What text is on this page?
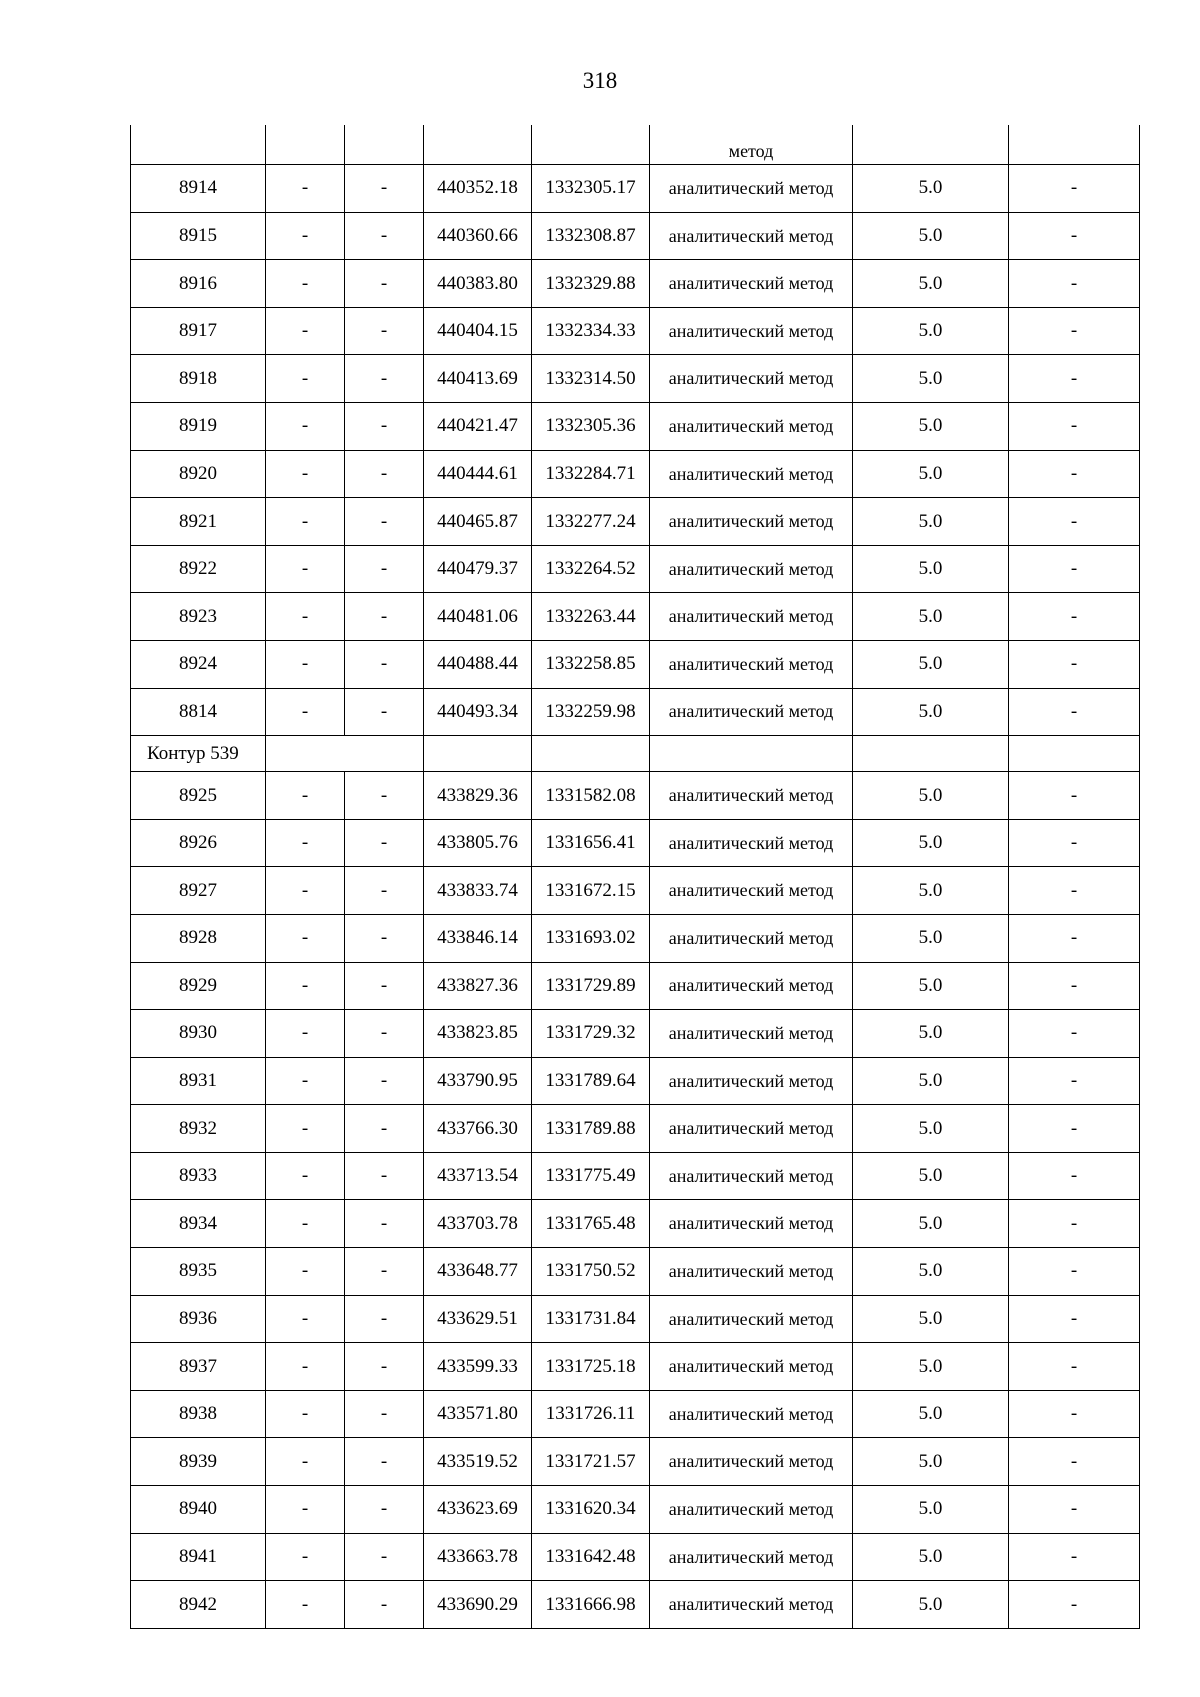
318
					метод		
8914	-	-	440352.18	1332305.17	аналитический метод	5.0	-
8915	-	-	440360.66	1332308.87	аналитический метод	5.0	-
8916	-	-	440383.80	1332329.88	аналитический метод	5.0	-
8917	-	-	440404.15	1332334.33	аналитический метод	5.0	-
8918	-	-	440413.69	1332314.50	аналитический метод	5.0	-
8919	-	-	440421.47	1332305.36	аналитический метод	5.0	-
8920	-	-	440444.61	1332284.71	аналитический метод	5.0	-
8921	-	-	440465.87	1332277.24	аналитический метод	5.0	-
8922	-	-	440479.37	1332264.52	аналитический метод	5.0	-
8923	-	-	440481.06	1332263.44	аналитический метод	5.0	-
8924	-	-	440488.44	1332258.85	аналитический метод	5.0	-
8814	-	-	440493.34	1332259.98	аналитический метод	5.0	-
Контур 539							
8925	-	-	433829.36	1331582.08	аналитический метод	5.0	-
8926	-	-	433805.76	1331656.41	аналитический метод	5.0	-
8927	-	-	433833.74	1331672.15	аналитический метод	5.0	-
8928	-	-	433846.14	1331693.02	аналитический метод	5.0	-
8929	-	-	433827.36	1331729.89	аналитический метод	5.0	-
8930	-	-	433823.85	1331729.32	аналитический метод	5.0	-
8931	-	-	433790.95	1331789.64	аналитический метод	5.0	-
8932	-	-	433766.30	1331789.88	аналитический метод	5.0	-
8933	-	-	433713.54	1331775.49	аналитический метод	5.0	-
8934	-	-	433703.78	1331765.48	аналитический метод	5.0	-
8935	-	-	433648.77	1331750.52	аналитический метод	5.0	-
8936	-	-	433629.51	1331731.84	аналитический метод	5.0	-
8937	-	-	433599.33	1331725.18	аналитический метод	5.0	-
8938	-	-	433571.80	1331726.11	аналитический метод	5.0	-
8939	-	-	433519.52	1331721.57	аналитический метод	5.0	-
8940	-	-	433623.69	1331620.34	аналитический метод	5.0	-
8941	-	-	433663.78	1331642.48	аналитический метод	5.0	-
8942	-	-	433690.29	1331666.98	аналитический метод	5.0	-
